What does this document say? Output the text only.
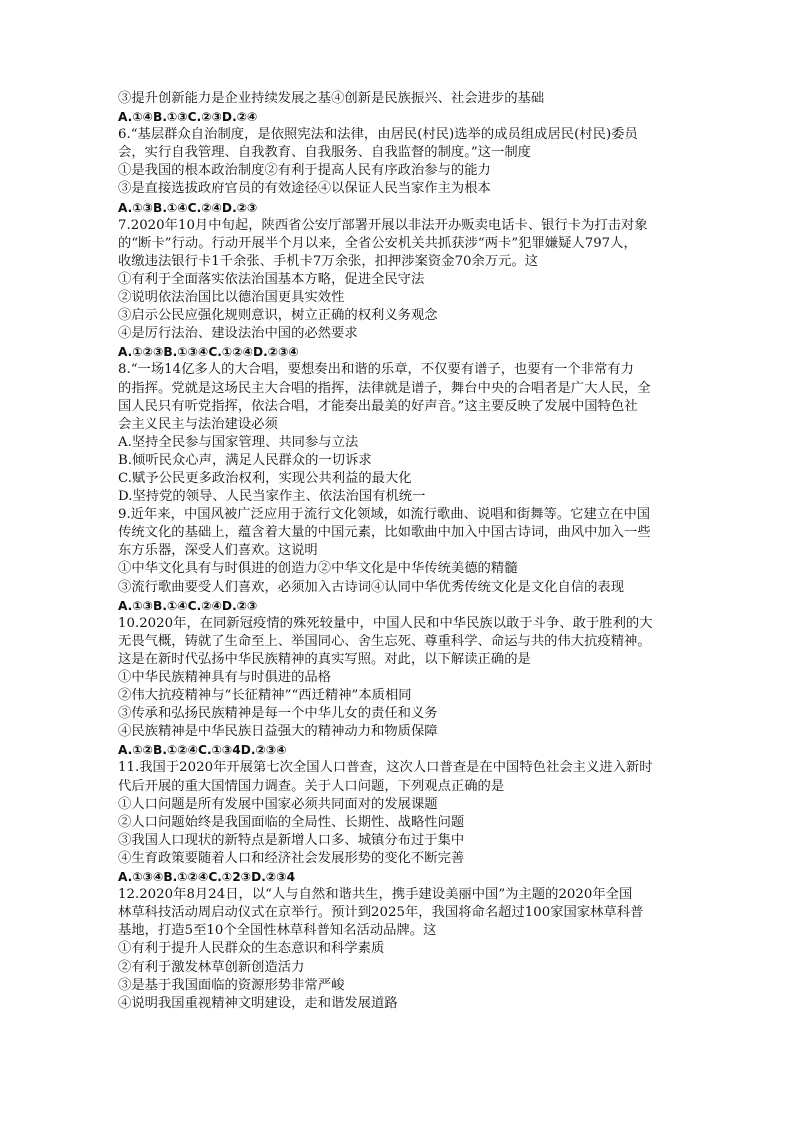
③提升创新能力是企业持续发展之基④创新是民族振兴、社会进步的基础
A.①④B.①③C.②③D.②④
6.“基层群众自治制度，是依照宪法和法律，由居民(村民)选举的成员组成居民(村民)委员
会，实行自我管理、自我教育、自我服务、自我监督的制度。”这一制度
①是我国的根本政治制度②有利于提高人民有序政治参与的能力
③是直接选拔政府官员的有效途径④以保证人民当家作主为根本
A.①③B.①④C.②④D.②③
7.2020年10月中旬起，陕西省公安厅部署开展以非法开办贩卖电话卡、银行卡为打击对象
的“断卡”行动。行动开展半个月以来，全省公安机关共抓获涉“两卡”犯罪嫌疑人797人，
收缴违法银行卡1千余张、手机卡7万余张，扣押涉案资金70余万元。这
①有利于全面落实依法治国基本方略，促进全民守法
②说明依法治国比以德治国更具实效性
③启示公民应强化规则意识，树立正确的权利义务观念
④是厉行法治、建设法治中国的必然要求
A.①②③B.①③④C.①②④D.②③④
8.“一场14亿多人的大合唱，要想奏出和谐的乐章，不仅要有谱子，也要有一个非常有力
的指挥。党就是这场民主大合唱的指挥，法律就是谱子，舞台中央的合唱者是广大人民，全
国人民只有听党指挥，依法合唱，才能奏出最美的好声音。”这主要反映了发展中国特色社
会主义民主与法治建设必须
A.坚持全民参与国家管理、共同参与立法
B.倾听民众心声，满足人民群众的一切诉求
C.赋予公民更多政治权利，实现公共利益的最大化
D.坚持党的领导、人民当家作主、依法治国有机统一
9.近年来，中国风被广泛应用于流行文化领域，如流行歌曲、说唱和街舞等。它建立在中国
传统文化的基础上，蕴含着大量的中国元素，比如歌曲中加入中国古诗词，曲风中加入一些
东方乐器，深受人们喜欢。这说明
①中华文化具有与时俱进的创造力②中华文化是中华传统美德的精髓
③流行歌曲要受人们喜欢，必须加入古诗词④认同中华优秀传统文化是文化自信的表现
A.①③B.①④C.②④D.②③
10.2020年，在同新冠疫情的殊死较量中，中国人民和中华民族以敢于斗争、敢于胜利的大
无畏气概，铸就了生命至上、举国同心、舍生忘死、尊重科学、命运与共的伟大抗疫精神。
这是在新时代弘扬中华民族精神的真实写照。对此，以下解读正确的是
①中华民族精神具有与时俱进的品格
②伟大抗疫精神与“长征精神”“西迁精神”本质相同
③传承和弘扬民族精神是每一个中华儿女的责任和义务
④民族精神是中华民族日益强大的精神动力和物质保障
A.①②B.①②④C.①③4D.②③④
11.我国于2020年开展第七次全国人口普查，这次人口普查是在中国特色社会主义进入新时
代后开展的重大国情国力调查。关于人口问题，下列观点正确的是
①人口问题是所有发展中国家必须共同面对的发展课题
②人口问题始终是我国面临的全局性、长期性、战略性问题
③我国人口现状的新特点是新增人口多、城镇分布过于集中
④生育政策要随着人口和经济社会发展形势的变化不断完善
A.①③④B.①②④C.①2③D.②③4
12.2020年8月24日，以“人与自然和谐共生，携手建设美丽中国”为主题的2020年全国
林草科技活动周启动仪式在京举行。预计到2025年，我国将命名超过100家国家林草科普
基地，打造5至10个全国性林草科普知名活动品牌。这
①有利于提升人民群众的生态意识和科学素质
②有利于激发林草创新创造活力
③是基于我国面临的资源形势非常严峻
④说明我国重视精神文明建设，走和谐发展道路
